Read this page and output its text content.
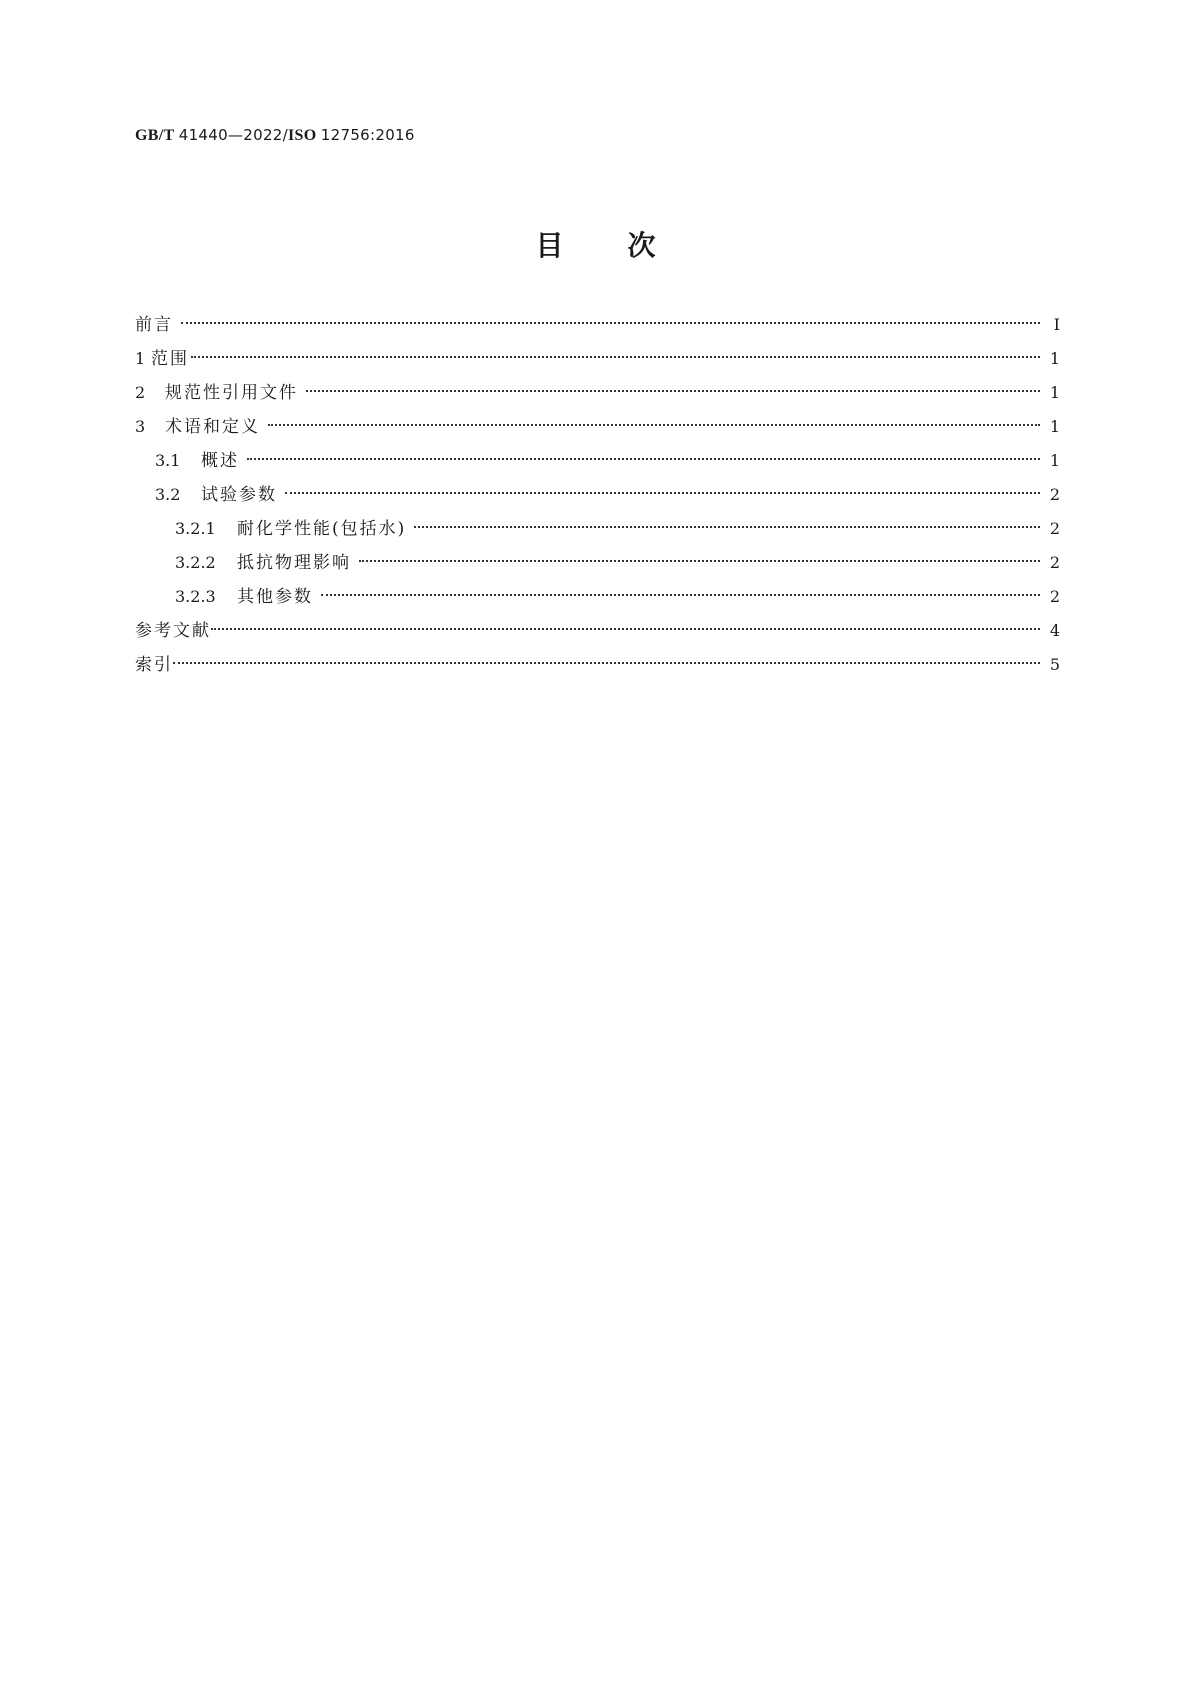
GB/T 41440—2022/ISO 12756:2016
目 次
前言	Ⅰ
1 范围	1
2	规范性引用文件	1
3	术语和定义	1
3.1	概述	1
3.2	试验参数	2
3.2.1	耐化学性能(包括水)	2
3.2.2	抵抗物理影响	2
3.2.3	其他参数	2
参考文献	4
索引	5
